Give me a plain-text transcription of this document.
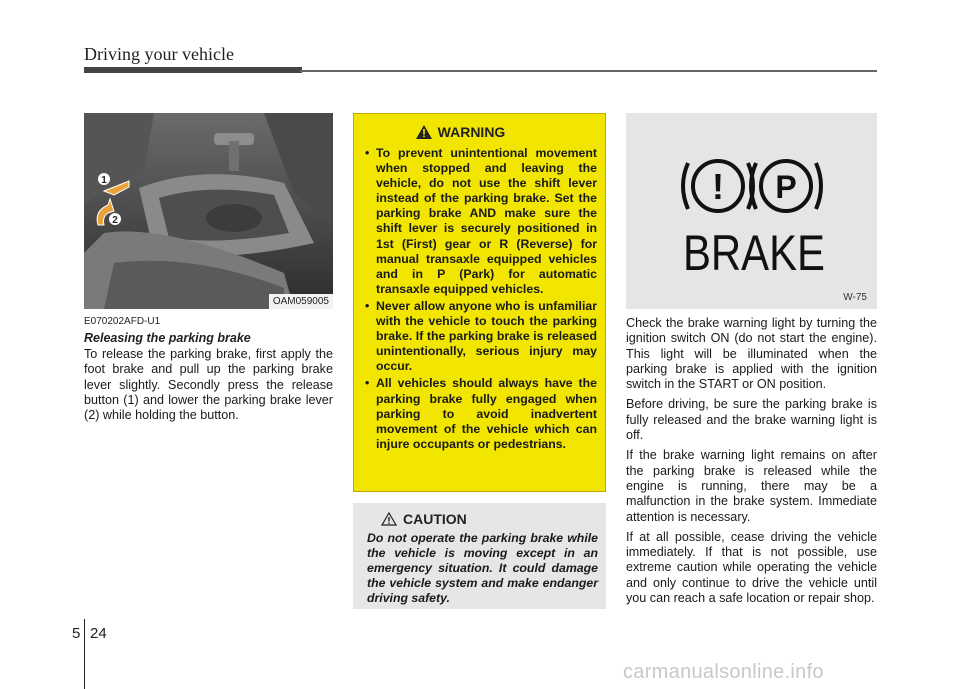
Driving your vehicle
1
2
OAM059005
E070202AFD-U1
Releasing the parking brake
To release the parking brake, first apply the foot brake and pull up the parking brake lever slightly. Secondly press the release button (1) and lower the parking brake lever (2) while holding the button.
WARNING
• To prevent unintentional movement when stopped and leaving the vehicle, do not use the shift lever instead of the parking brake. Set the parking brake AND make sure the shift lever is securely positioned in 1st (First) gear or R (Reverse) for manual transaxle equipped vehicles and in P (Park) for automatic transaxle equipped vehicles.
• Never allow anyone who is unfamiliar with the vehicle to touch the parking brake. If the parking brake is released unintentionally, serious injury may occur.
• All vehicles should always have the parking brake fully engaged when parking to avoid inadvertent movement of the vehicle which can injure occupants or pedestrians.
CAUTION
Do not operate the parking brake while the vehicle is moving except in an emergency situation. It could damage the vehicle system and make endanger driving safety.
! P
BRAKE
W-75

Check the brake warning light by turning the ignition switch ON (do not start the engine). This light will be illuminated when the parking brake is applied with the ignition switch in the START or ON position.

Before driving, be sure the parking brake is fully released and the brake warning light is off.

If the brake warning light remains on after the parking brake is released while the engine is running, there may be a malfunction in the brake system. Immediate attention is necessary.

If at all possible, cease driving the vehicle immediately. If that is not possible, use extreme caution while operating the vehicle and only continue to drive the vehicle until you can reach a safe location or repair shop.

5 24
carmanualsonline.info
